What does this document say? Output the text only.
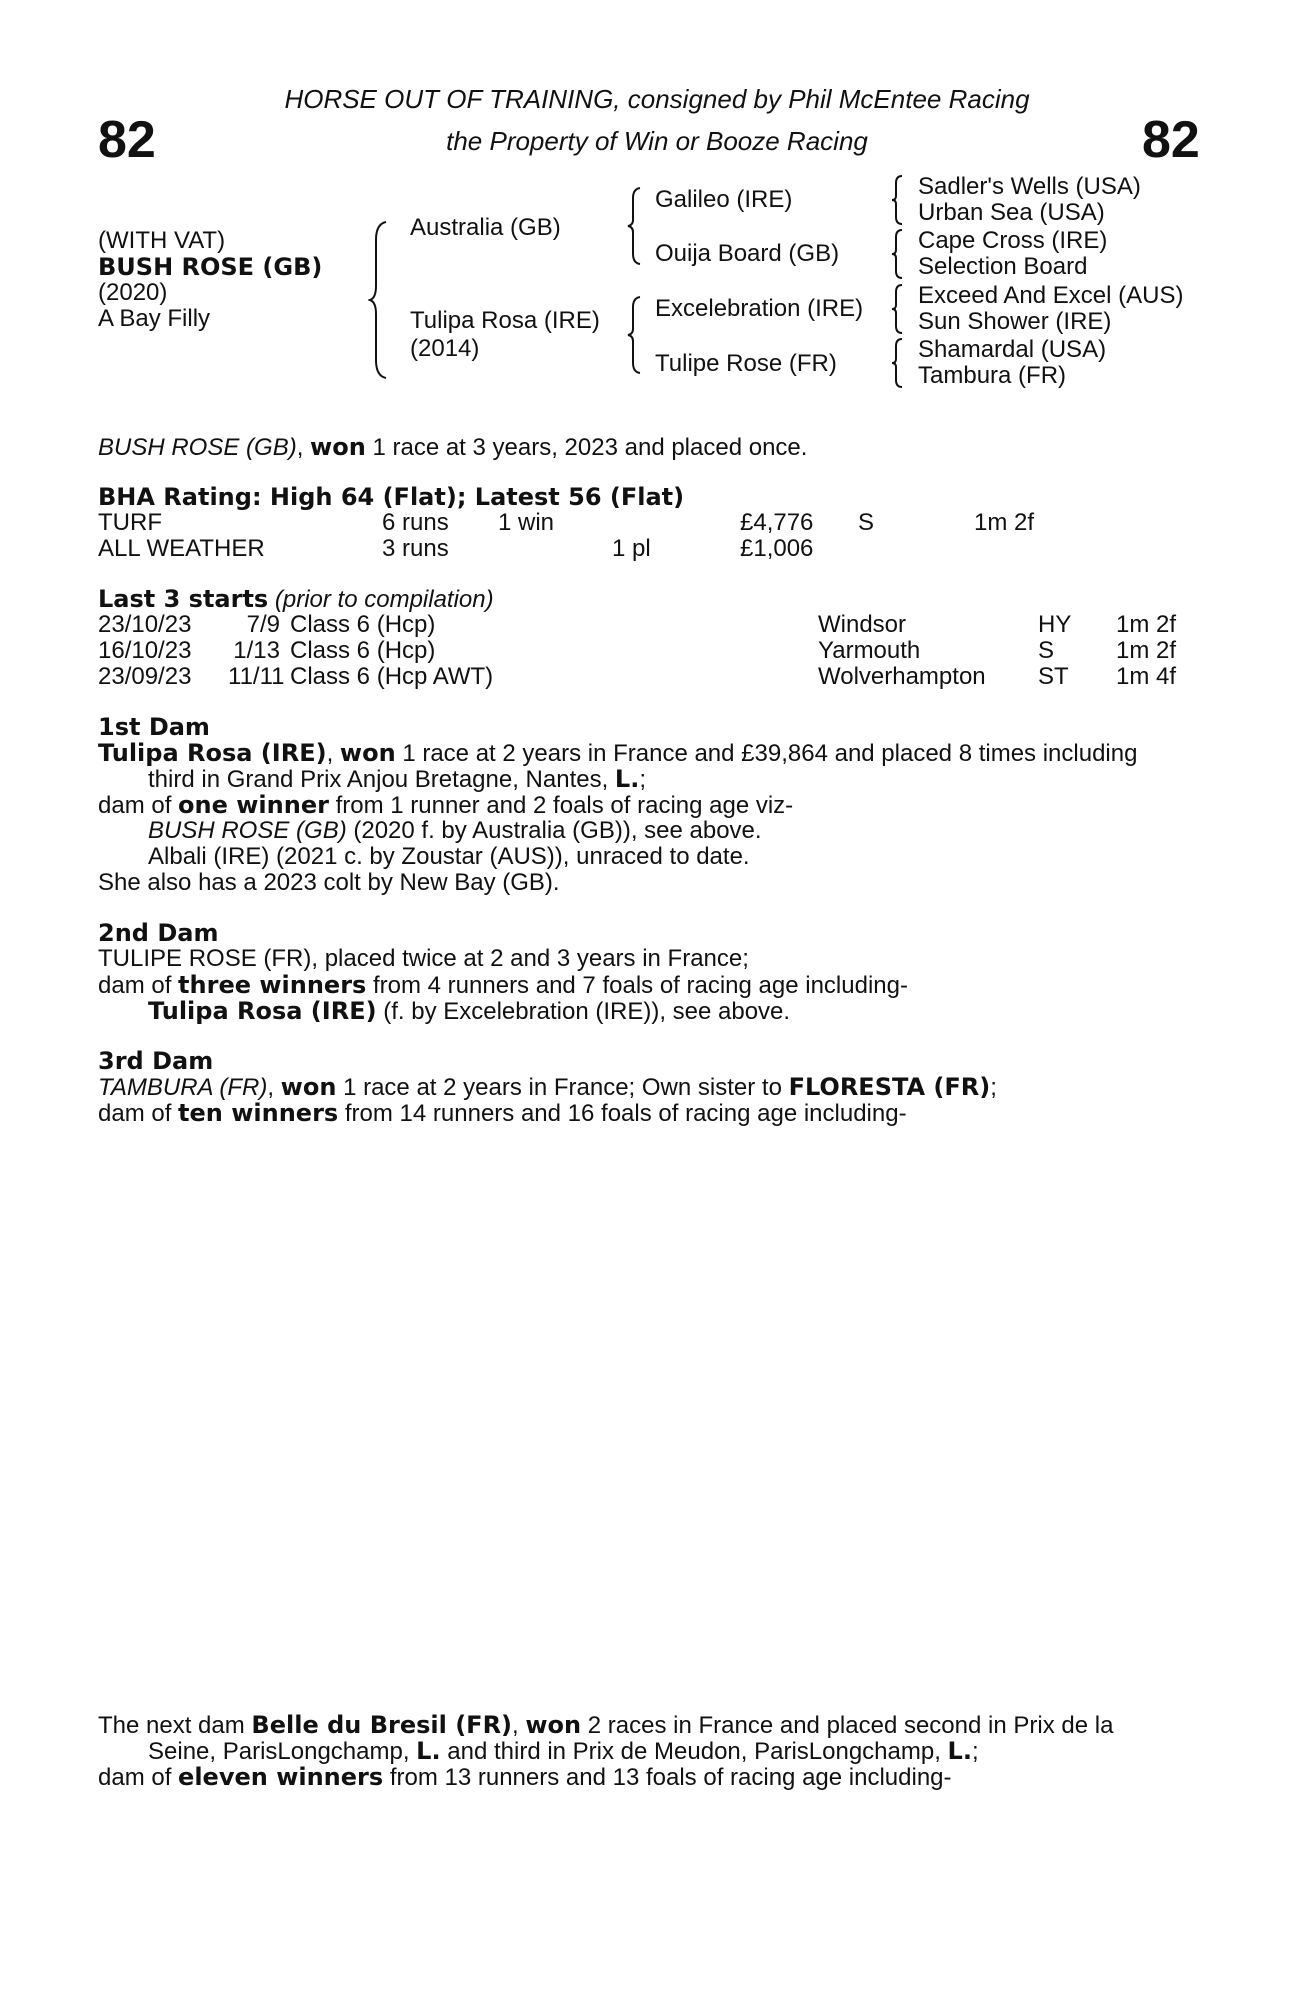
82	82
HORSE OUT OF TRAINING, consigned by Phil McEntee Racing
the Property of Win or Booze Racing
(WITH VAT)
BUSH ROSE (GB)
(2020)
A Bay Filly
Australia (GB)
Tulipa Rosa (IRE)
(2014)
Galileo (IRE)
Ouija Board (GB)
Excelebration (IRE)
Tulipe Rose (FR)
Sadler's Wells (USA)
Urban Sea (USA)
Cape Cross (IRE)
Selection Board
Exceed And Excel (AUS)
Sun Shower (IRE)
Shamardal (USA)
Tambura (FR)
BUSH ROSE (GB), won 1 race at 3 years, 2023 and placed once.
BHA Rating: High 64 (Flat); Latest 56 (Flat)
TURF	6 runs 1 win	£4,776 S	1m 2f
ALL WEATHER	3 runs	1 pl	£1,006
Last 3 starts (prior to compilation)
23/10/23	7/9 Class 6 (Hcp)	Windsor	HY 1m 2f
16/10/23 1/13 Class 6 (Hcp)	Yarmouth	S	1m 2f
23/09/23 11/11 Class 6 (Hcp AWT)	Wolverhampton ST 1m 4f
1st Dam
Tulipa Rosa (IRE), won 1 race at 2 years in France and £39,864 and placed 8 times including
third in Grand Prix Anjou Bretagne, Nantes, L.;
dam of one winner from 1 runner and 2 foals of racing age viz-
BUSH ROSE (GB) (2020 f. by Australia (GB)), see above.
Albali (IRE) (2021 c. by Zoustar (AUS)), unraced to date.
She also has a 2023 colt by New Bay (GB).
2nd Dam
TULIPE ROSE (FR), placed twice at 2 and 3 years in France;
dam of three winners from 4 runners and 7 foals of racing age including-
Tulipa Rosa (IRE) (f. by Excelebration (IRE)), see above.
3rd Dam
TAMBURA (FR), won 1 race at 2 years in France; Own sister to FLORESTA (FR);
dam of ten winners from 14 runners and 16 foals of racing age including-
The next dam Belle du Bresil (FR), won 2 races in France and placed second in Prix de la
Seine, ParisLongchamp, L. and third in Prix de Meudon, ParisLongchamp, L.;
dam of eleven winners from 13 runners and 13 foals of racing age including-
